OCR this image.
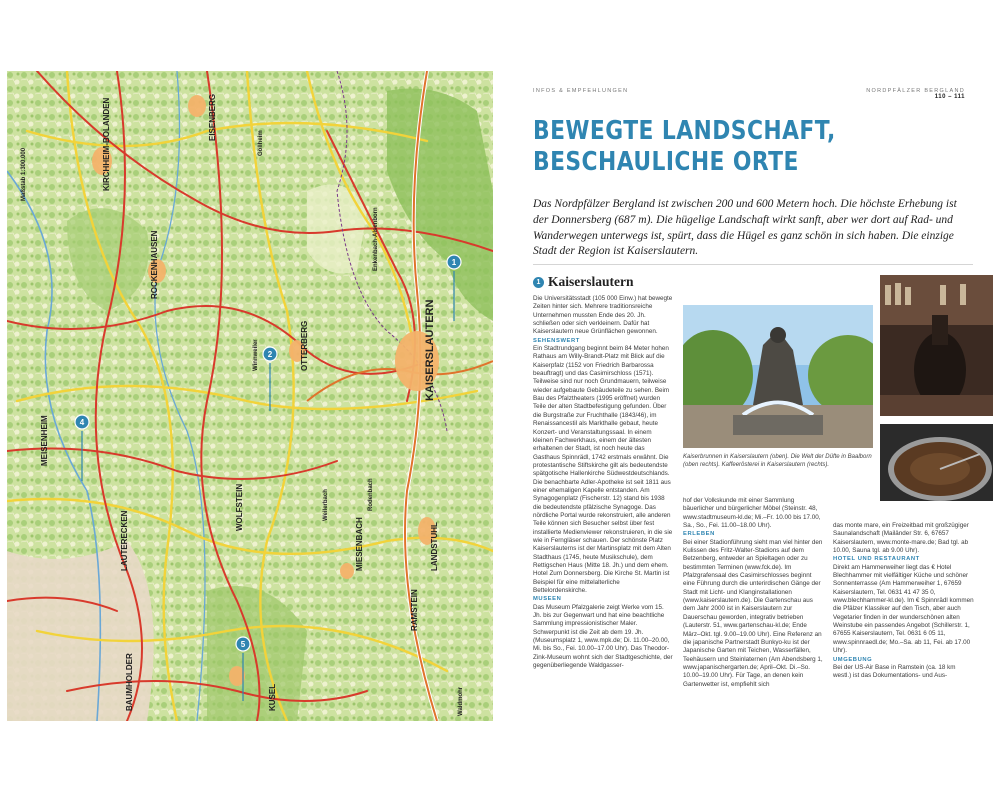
KIRCHHEIM-BOLANDEN	EISENBERG
ROCKENHAUSEN
OTTERBERG	KAISERSLAUTERN
MEISENHEIM
LAUTERECKEN
WOLFSTEIN
LANDSTUHL
MIESENBACH
RAMSTEIN
BAUMHOLDER	KUSEL
Winnweiler
Enkenbach-Alsenborn
Göllheim
Rodenbach
Weilerbach
Waldmohr
Maßstab 1:300.000
1
2
4
5
INFOS & EMPFEHLUNGEN	NORDPFÄLZER BERGLAND
110 – 111
BEWEGTE LANDSCHAFT,
BESCHAULICHE ORTE
Das Nordpfälzer Bergland ist zwischen 200 und 600 Metern hoch. Die höchste Erhebung ist der Donnersberg (687 m). Die hügelige Landschaft wirkt sanft, aber wer dort auf Rad- und Wanderwegen unterwegs ist, spürt, dass die Hügel es ganz schön in sich haben. Die einzige Stadt der Region ist Kaiserslautern.
1 Kaiserslautern

Die Universitätsstadt (105 000 Einw.) hat bewegte Zeiten hinter sich. Mehrere traditionsreiche Unternehmen mussten Ende des 20. Jh. schließen oder sich verkleinern. Dafür hat Kaiserslautern neue Grünflächen gewonnen.

SEHENSWERT

Ein Stadtrundgang beginnt beim 84 Meter hohen Rathaus am Willy-Brandt-Platz mit Blick auf die Kaiserpfalz (1152 von Friedrich Barbarossa beauftragt) und das Casimirschloss (1571). Teilweise sind nur noch Grundmauern, teilweise wieder aufgebaute Gebäudeteile zu sehen. Beim Bau des Pfalztheaters (1995 eröffnet) wurden Teile der alten Stadtbefestigung gefunden. Über die Burgstraße zur Fruchthalle (1843/46), im Renaissancestil als Markthalle gebaut, heute Konzert- und Veranstaltungssaal. In einem kleinen Fachwerkhaus, einem der ältesten erhaltenen der Stadt, ist noch heute das Gasthaus Spinnrädl, 1742 erstmals erwähnt. Die protestantische Stiftskirche gilt als bedeutendste spätgotische Hallenkirche Südwestdeutschlands. Die benachbarte Adler-Apotheke ist seit 1811 aus einer ehemaligen Kapelle entstanden. Am Synagogenplatz (Fischerstr. 12) stand bis 1938 die bedeutendste pfälzische Synagoge. Das nördliche Portal wurde rekonstruiert, alle anderen Teile können sich Besucher selbst über fest installierte Medienviewer rekonstruieren, in die sie wie in Ferngläser schauen. Der schönste Platz Kaiserslauterns ist der Martinsplatz mit dem Alten Stadthaus (1745, heute Musikschule), dem Rettigschen Haus (Mitte 18. Jh.) und dem ehem. Hotel Zum Donnersberg. Die Kirche St. Martin ist Beispiel für eine mittelalterliche Bettelordenskirche.

MUSEEN

Das Museum Pfalzgalerie zeigt Werke vom 15. Jh. bis zur Gegenwart und hat eine beachtliche Sammlung impressionistischer Maler. Schwerpunkt ist die Zeit ab dem 19. Jh. (Museumsplatz 1, www.mpk.de; Di. 11.00–20.00, Mi. bis So., Fei. 10.00–17.00 Uhr). Das Theodor-Zink-Museum wohnt sich der Stadtgeschichte, der gegenüberliegende Waldgasser-

Kaiserbrunnen in Kaiserslautern (oben). Die Welt der Düfte in Baalborn (oben rechts). Kaffeerösterei in Kaiserslautern (rechts).

hof der Volkskunde mit einer Sammlung bäuerlicher und bürgerlicher Möbel (Steinstr. 48, www.stadtmuseum-kl.de; Mi.–Fr. 10.00 bis 17.00, Sa., So., Fei. 11.00–18.00 Uhr).

ERLEBEN

Bei einer Stadionführung sieht man viel hinter den Kulissen des Fritz-Walter-Stadions auf dem Betzenberg, entweder an Spieltagen oder zu bestimmten Terminen (www.fck.de). Im Pfalzgrafensaal des Casimirschlosses beginnt eine Führung durch die unterirdischen Gänge der Stadt mit Licht- und Klanginstallationen (www.kaiserslautern.de). Die Gartenschau aus dem Jahr 2000 ist in Kaiserslautern zur Dauerschau geworden, integrativ betrieben (Lauterstr. 51, www.gartenschau-kl.de; Ende März–Okt. tgl. 9.00–19.00 Uhr). Eine Referenz an die japanische Partnerstadt Bunkyo-ku ist der Japanische Garten mit Teichen, Wasserfällen, Teehäusern und Steinlaternen (Am Abendsberg 1, www.japanischergarten.de; April–Okt. Di.–So. 10.00–19.00 Uhr). Für Tage, an denen kein Gartenwetter ist, empfiehlt sich

das monte mare, ein Freizeitbad mit großzügiger Saunalandschaft (Mailänder Str. 6, 67657 Kaiserslautern, www.monte-mare.de; Bad tgl. ab 10.00, Sauna tgl. ab 9.00 Uhr).

HOTEL UND RESTAURANT

Direkt am Hammerweiher liegt das € Hotel Blechhammer mit vielfältiger Küche und schöner Sonnenterrasse (Am Hammerweiher 1, 67659 Kaiserslautern, Tel. 0631 41 47 35 0, www.blechhammer-kl.de). Im € Spinnrädl kommen die Pfälzer Klassiker auf den Tisch, aber auch Vegetarier finden in der wunderschönen alten Weinstube ein passendes Angebot (Schillerstr. 1, 67655 Kaiserslautern, Tel. 0631 6 05 11, www.spinnraedl.de; Mo.–Sa. ab 11, Fei. ab 17.00 Uhr).

UMGEBUNG

Bei der US-Air Base in Ramstein (ca. 18 km westl.) ist das Dokumentations- und Aus-
